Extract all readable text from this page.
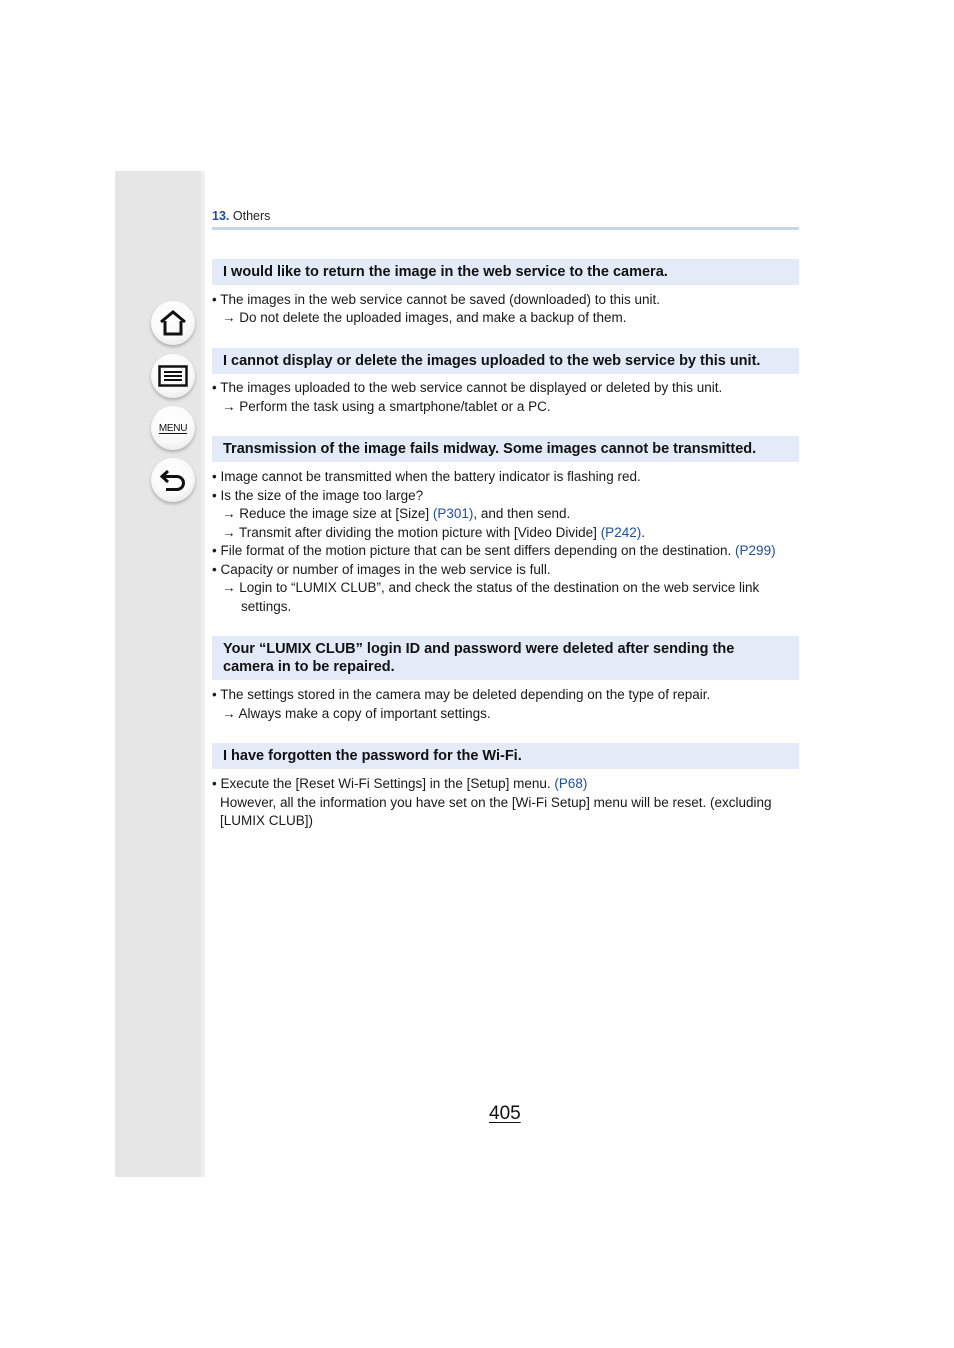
MENU
13. Others
I would like to return the image in the web service to the camera.
• The images in the web service cannot be saved (downloaded) to this unit.
→ Do not delete the uploaded images, and make a backup of them.
I cannot display or delete the images uploaded to the web service by this unit.
• The images uploaded to the web service cannot be displayed or deleted by this unit.
→ Perform the task using a smartphone/tablet or a PC.
Transmission of the image fails midway. Some images cannot be transmitted.
• Image cannot be transmitted when the battery indicator is flashing red.
• Is the size of the image too large?
→ Reduce the image size at [Size] (P301), and then send.
→ Transmit after dividing the motion picture with [Video Divide] (P242).
• File format of the motion picture that can be sent differs depending on the destination. (P299)
• Capacity or number of images in the web service is full.
→ Login to “LUMIX CLUB”, and check the status of the destination on the web service link
settings.
Your “LUMIX CLUB” login ID and password were deleted after sending the
camera in to be repaired.
• The settings stored in the camera may be deleted depending on the type of repair.
→ Always make a copy of important settings.
I have forgotten the password for the Wi-Fi.
• Execute the [Reset Wi-Fi Settings] in the [Setup] menu. (P68)
However, all the information you have set on the [Wi-Fi Setup] menu will be reset. (excluding
[LUMIX CLUB])
405
